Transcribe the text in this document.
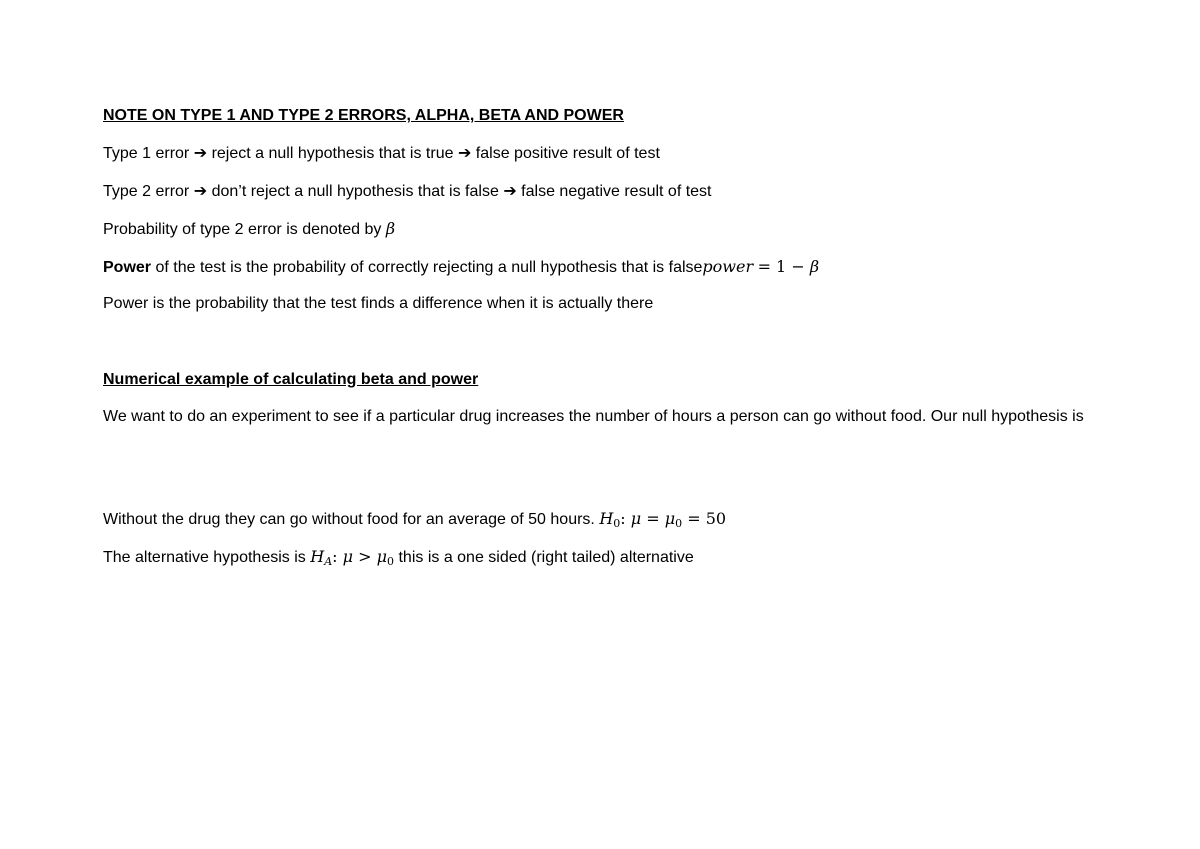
NOTE ON TYPE 1 AND TYPE 2 ERRORS, ALPHA, BETA AND POWER
Type 1 error ➔ reject a null hypothesis that is true ➔ false positive result of test
Type 2 error ➔ don’t reject a null hypothesis that is false ➔ false negative result of test
Probability of type 2 error is denoted by β
Power of the test is the probability of correctly rejecting a null hypothesis that is falsepower = 1 − β
Power is the probability that the test finds a difference when it is actually there
Numerical example of calculating beta and power
We want to do an experiment to see if a particular drug increases the number of hours a person can go without food. Our null hypothesis is
Without the drug they can go without food for an average of 50 hours. $H_0$: $\mu = \mu_0 = 50$
The alternative hypothesis is $H_A$: $\mu > \mu_0$ this is a one sided (right tailed) alternative
